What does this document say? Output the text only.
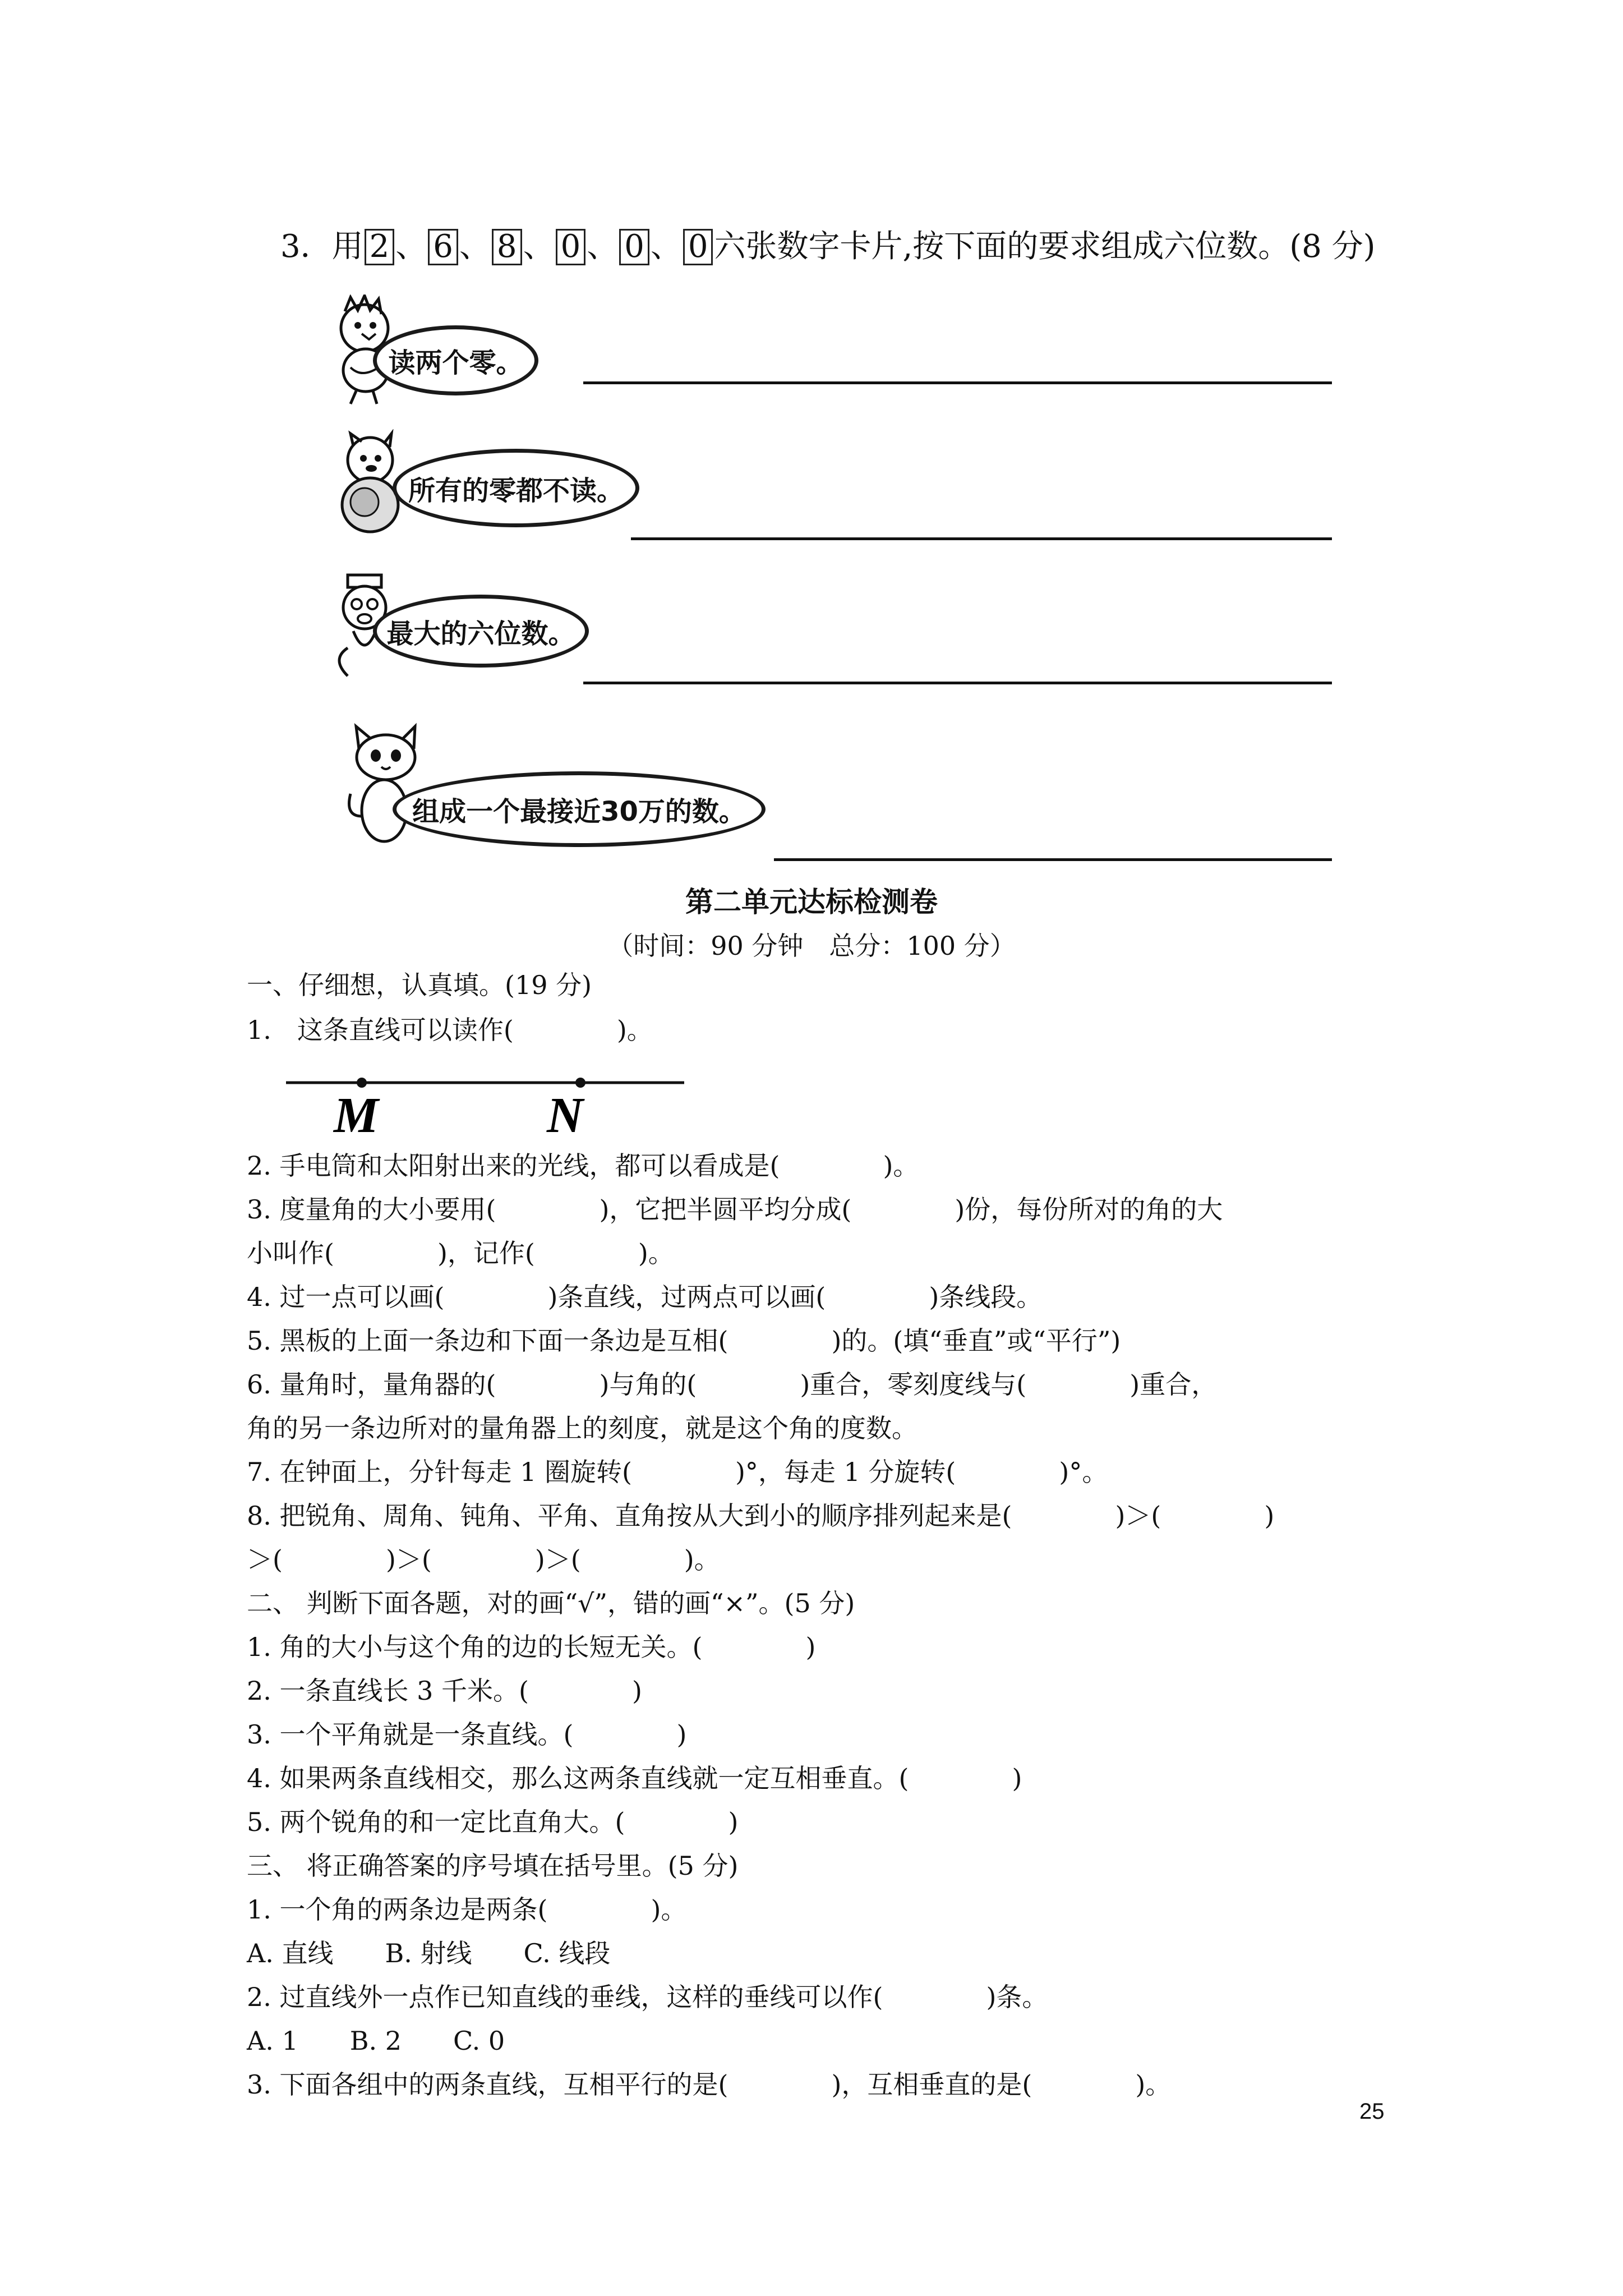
3．用 2 、 6 、 8 、 0 、 0 、 0 六张数字卡片,按下面的要求组成六位数。(8 分)
读两个零。
所有的零都不读。
最大的六位数。
组成一个最接近30万的数。
第二单元达标检测卷
（时间：90 分钟　总分：100 分）
一、仔细想，认真填。(19 分)
1.　这条直线可以读作(　　　　)。
M	N
2. 手电筒和太阳射出来的光线，都可以看成是(　　　　)。
3. 度量角的大小要用(　　　　)，它把半圆平均分成(　　　　)份，每份所对的角的大
小叫作(　　　　)，记作(　　　　)。
4. 过一点可以画(　　　　)条直线，过两点可以画(　　　　)条线段。
5. 黑板的上面一条边和下面一条边是互相(　　　　)的。(填“垂直”或“平行”)
6. 量角时，量角器的(　　　　)与角的(　　　　)重合，零刻度线与(　　　　)重合，
角的另一条边所对的量角器上的刻度，就是这个角的度数。
7. 在钟面上，分针每走 1 圈旋转(　　　　)°，每走 1 分旋转(　　　　)°。
8. 把锐角、周角、钝角、平角、直角按从大到小的顺序排列起来是(　　　　)＞(　　　　)
＞(　　　　)＞(　　　　)＞(　　　　)。
二、 判断下面各题，对的画“√”，错的画“×”。(5 分)
1. 角的大小与这个角的边的长短无关。(　　　　)
2. 一条直线长 3 千米。(　　　　)
3. 一个平角就是一条直线。(　　　　)
4. 如果两条直线相交，那么这两条直线就一定互相垂直。(　　　　)
5. 两个锐角的和一定比直角大。(　　　　)
三、 将正确答案的序号填在括号里。(5 分)
1. 一个角的两条边是两条(　　　　)。
A. 直线　　B. 射线　　C. 线段
2. 过直线外一点作已知直线的垂线，这样的垂线可以作(　　　　)条。
A. 1　　B. 2　　C. 0
3. 下面各组中的两条直线，互相平行的是(　　　　)，互相垂直的是(　　　　)。
25
